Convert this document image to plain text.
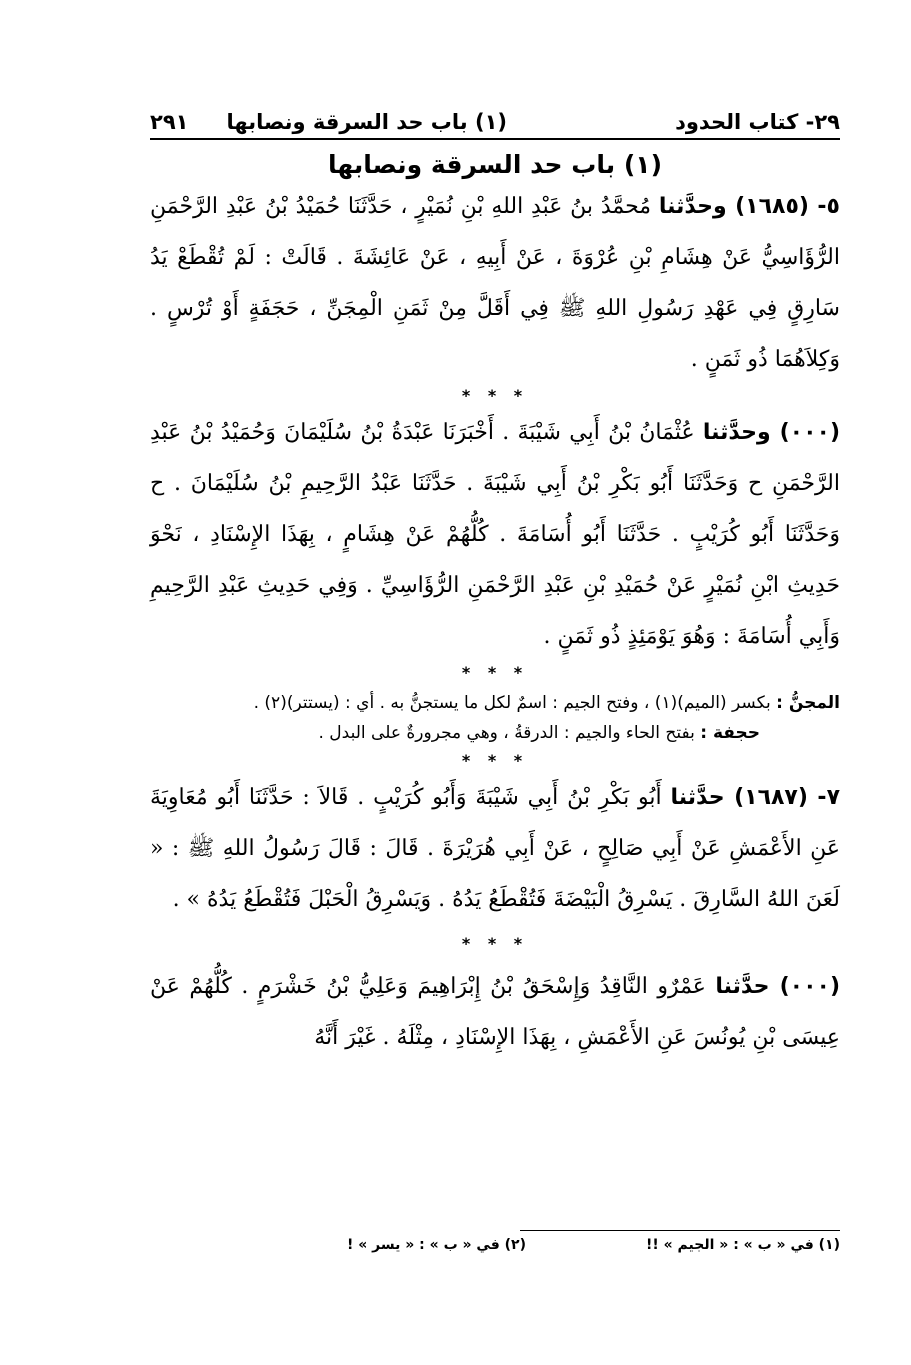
٢٩- كتاب الحدود
(١) باب حد السرقة ونصابها
٢٩١
(١) باب حد السرقة ونصابها

٥- (١٦٨٥) وحدَّثنا مُحمَّدُ بنُ عَبْدِ اللهِ بْنِ نُمَيْرٍ ، حَدَّثَنَا حُمَيْدُ بْنُ عَبْدِ الرَّحْمَنِ الرُّؤَاسِيُّ عَنْ هِشَامِ بْنِ عُرْوَةَ ، عَنْ أَبِيهِ ، عَنْ عَائِشَةَ . قَالَتْ : لَمْ تُقْطَعْ يَدُ سَارِقٍ فِي عَهْدِ رَسُولِ اللهِ ﷺ فِي أَقَلَّ مِنْ ثَمَنِ الْمِجَنِّ ، حَجَفَةٍ أَوْ تُرْسٍ . وَكِلاَهُمَا ذُو ثَمَنٍ .

* * *

(٠٠٠) وحدَّثنا عُثْمَانُ بْنُ أَبِي شَيْبَةَ . أَخْبَرَنَا عَبْدَةُ بْنُ سُلَيْمَانَ وَحُمَيْدُ بْنُ عَبْدِ الرَّحْمَنِ ح وَحَدَّثَنَا أَبُو بَكْرِ بْنُ أَبِي شَيْبَةَ . حَدَّثَنَا عَبْدُ الرَّحِيمِ بْنُ سُلَيْمَانَ . ح وَحَدَّثَنَا أَبُو كُرَيْبٍ . حَدَّثَنَا أَبُو أُسَامَةَ . كُلُّهُمْ عَنْ هِشَامٍ ، بِهَذَا الإِسْنَادِ ، نَحْوَ حَدِيثِ ابْنِ نُمَيْرٍ عَنْ حُمَيْدِ بْنِ عَبْدِ الرَّحْمَنِ الرُّؤَاسِيِّ . وَفِي حَدِيثِ عَبْدِ الرَّحِيمِ وَأَبِي أُسَامَةَ : وَهُوَ يَوْمَئِذٍ ذُو ثَمَنٍ .

* * *
المجنُّ : بكسر (الميم)(١) ، وفتح الجيم : اسمٌ لكل ما يستجنُّ به . أي : (يستتر)(٢) .
حجفة : بفتح الحاء والجيم : الدرقةُ ، وهي مجرورةٌ على البدل .
* * *

٧- (١٦٨٧) حدَّثنا أَبُو بَكْرِ بْنُ أَبِي شَيْبَةَ وَأَبُو كُرَيْبٍ . قَالاَ : حَدَّثَنَا أَبُو مُعَاوِيَةَ عَنِ الأَعْمَشِ عَنْ أَبِي صَالِحٍ ، عَنْ أَبِي هُرَيْرَةَ . قَالَ : قَالَ رَسُولُ اللهِ ﷺ : « لَعَنَ اللهُ السَّارِقَ . يَسْرِقُ الْبَيْضَةَ فَتُقْطَعُ يَدُهُ . وَيَسْرِقُ الْحَبْلَ فَتُقْطَعُ يَدُهُ » .

* * *

(٠٠٠) حدَّثنا عَمْرٌو النَّاقِدُ وَإِسْحَقُ بْنُ إِبْرَاهِيمَ وَعَلِيُّ بْنُ خَشْرَمٍ . كُلُّهُمْ عَنْ عِيسَى بْنِ يُونُسَ عَنِ الأَعْمَشِ ، بِهَذَا الإِسْنَادِ ، مِثْلَهُ . غَيْرَ أَنَّهُ

(١) في « ب » : « الجيم » !!
(٢) في « ب » : « يسر » !
